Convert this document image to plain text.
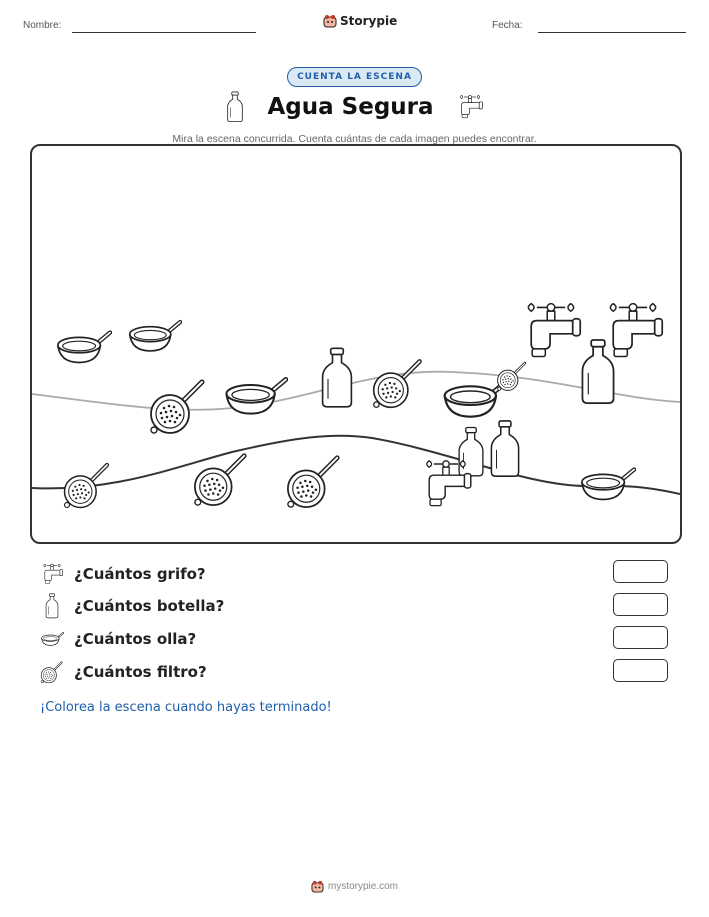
Nombre:	Storypie	Fecha:
CUENTA LA ESCENA
Agua Segura
Mira la escena concurrida. Cuenta cuántas de cada imagen puedes encontrar.
¿Cuántos grifo?
¿Cuántos botella?
¿Cuántos olla?
¿Cuántos filtro?
¡Colorea la escena cuando hayas terminado!
mystorypie.com
